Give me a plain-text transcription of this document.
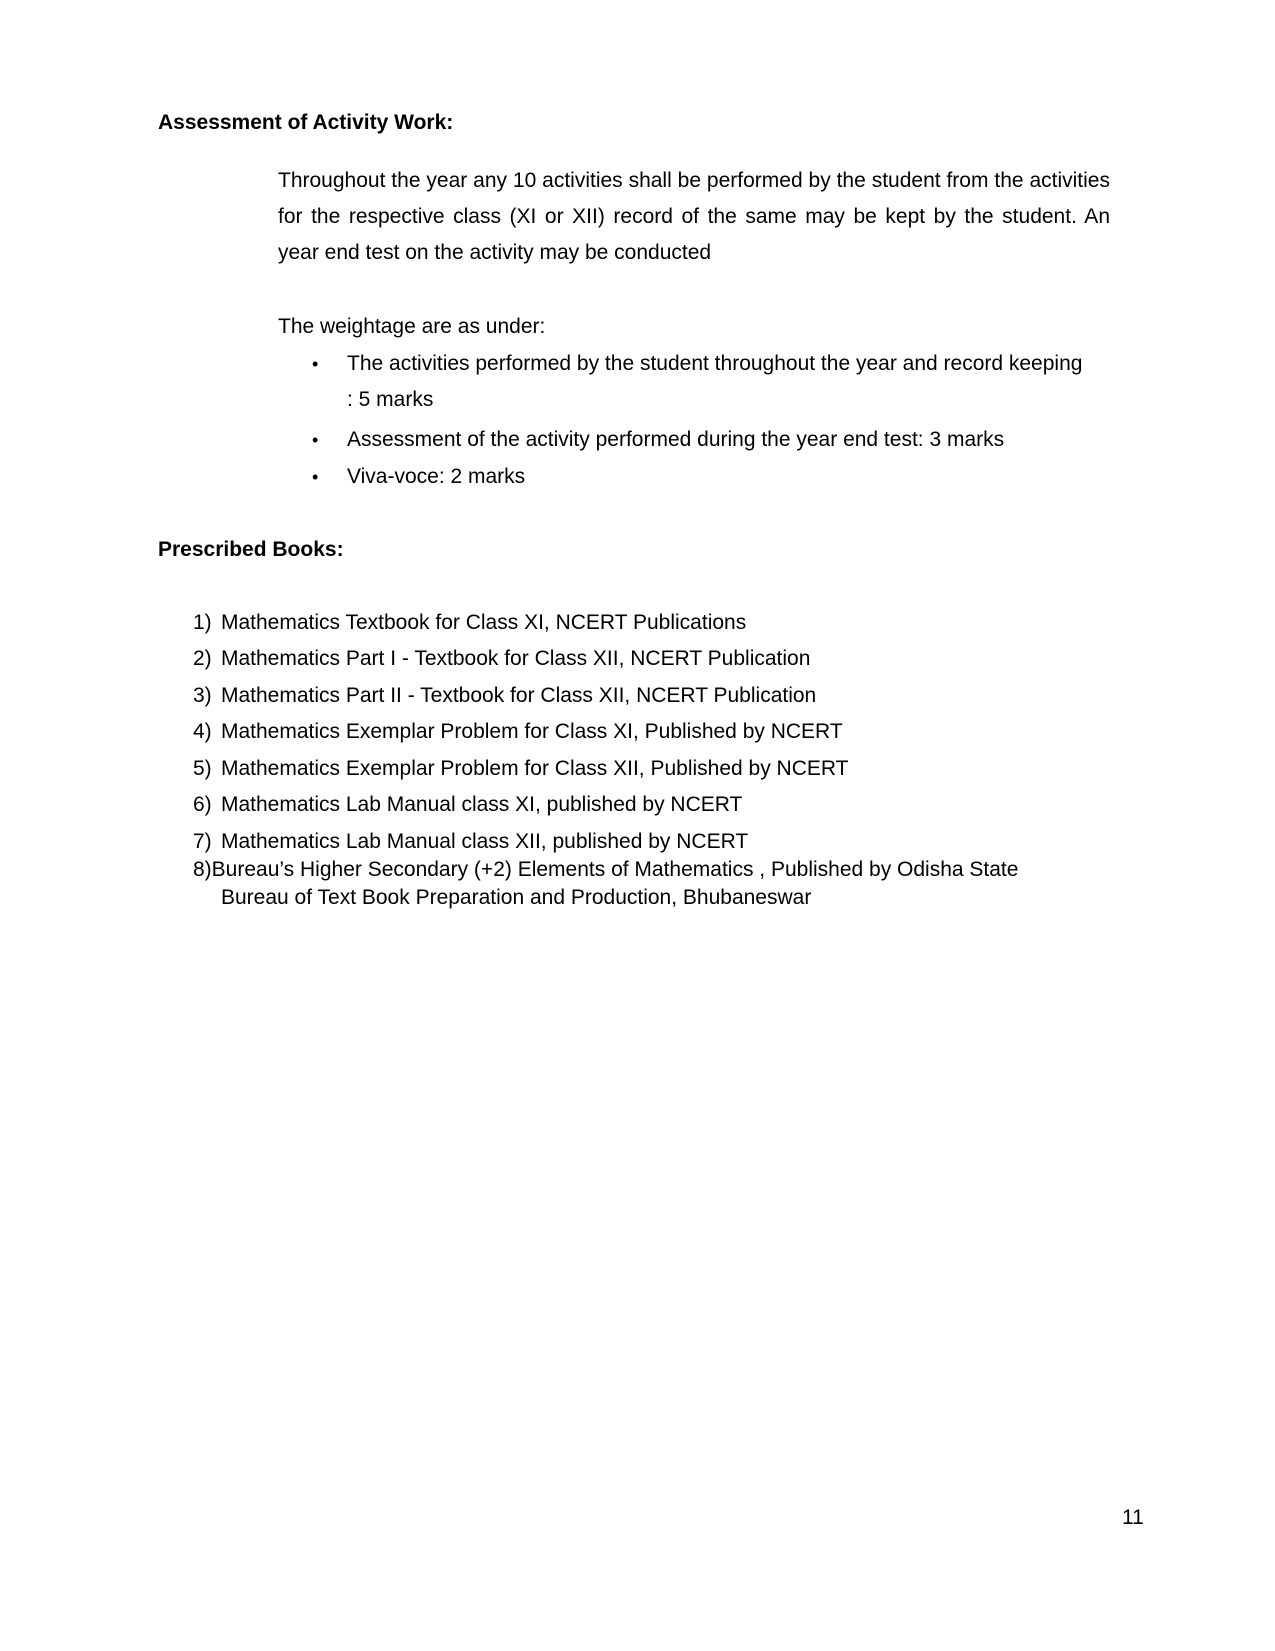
Assessment of Activity Work:
Throughout the year any 10 activities shall be performed by the student from the activities
for the respective class (XI or XII) record of the same may be kept by the student. An
year end test on the activity may be conducted
The weightage are as under:
• The activities performed by the student throughout the year and record keeping
: 5 marks
• Assessment of the activity performed during the year end test: 3 marks
• Viva-voce: 2 marks
Prescribed Books:
1) Mathematics Textbook for Class XI, NCERT Publications
2) Mathematics Part I - Textbook for Class XII, NCERT Publication
3) Mathematics Part II - Textbook for Class XII, NCERT Publication
4) Mathematics Exemplar Problem for Class XI, Published by NCERT
5) Mathematics Exemplar Problem for Class XII, Published by NCERT
6) Mathematics Lab Manual class XI, published by NCERT
7) Mathematics Lab Manual class XII, published by NCERT
8)Bureau’s Higher Secondary (+2) Elements of Mathematics , Published by Odisha State
Bureau of Text Book Preparation and Production, Bhubaneswar
11
